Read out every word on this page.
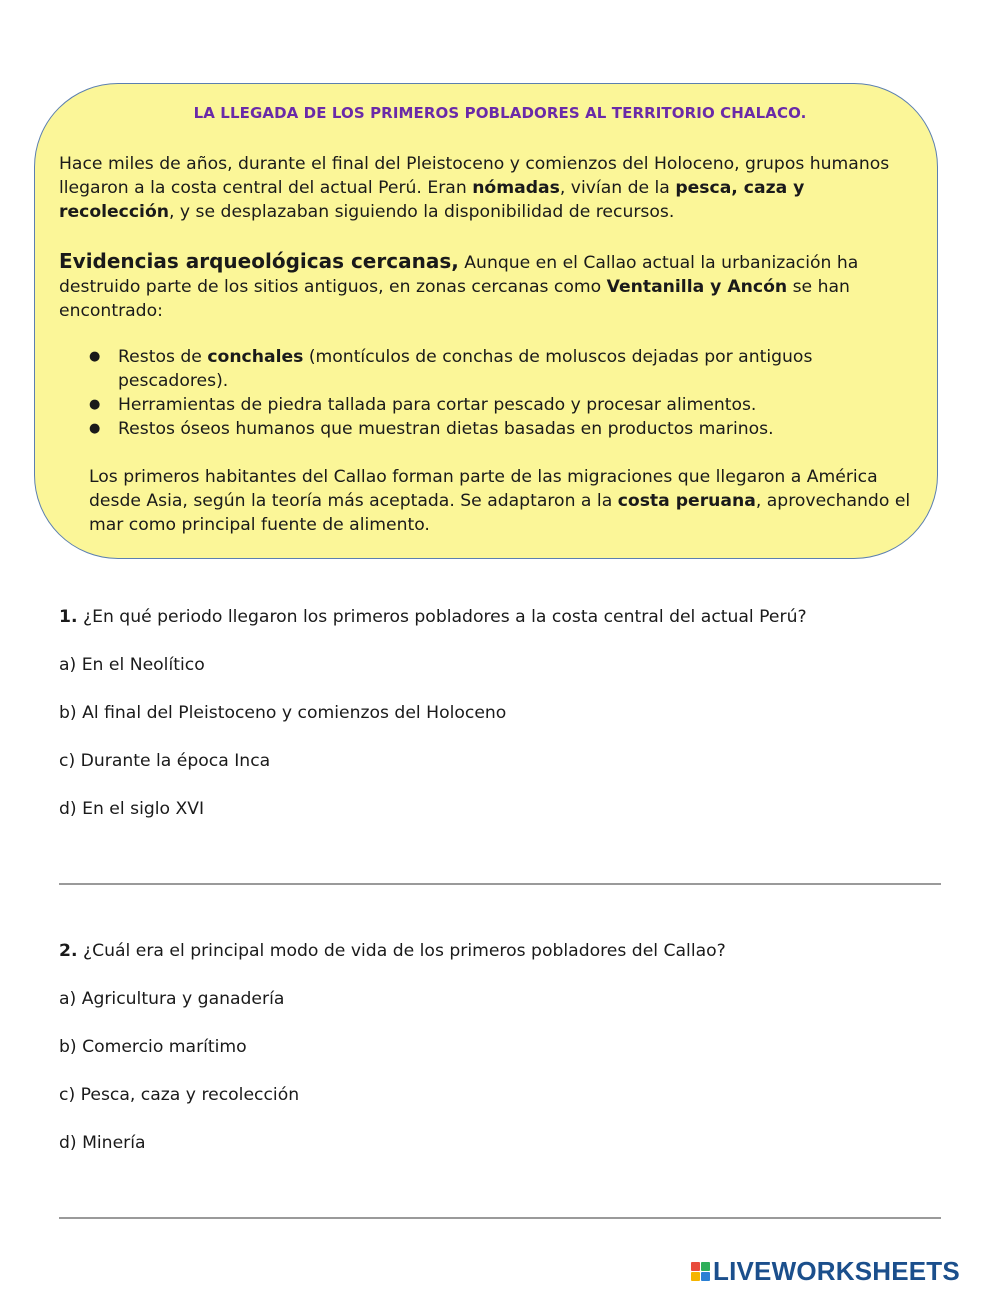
LA LLEGADA DE LOS PRIMEROS POBLADORES AL TERRITORIO CHALACO.

Hace miles de años, durante el final del Pleistoceno y comienzos del Holoceno, grupos humanos llegaron a la costa central del actual Perú. Eran nómadas, vivían de la pesca, caza y recolección, y se desplazaban siguiendo la disponibilidad de recursos.

Evidencias arqueológicas cercanas, Aunque en el Callao actual la urbanización ha destruido parte de los sitios antiguos, en zonas cercanas como Ventanilla y Ancón se han encontrado:

● Restos de conchales (montículos de conchas de moluscos dejadas por antiguos pescadores).
● Herramientas de piedra tallada para cortar pescado y procesar alimentos.
● Restos óseos humanos que muestran dietas basadas en productos marinos.

Los primeros habitantes del Callao forman parte de las migraciones que llegaron a América desde Asia, según la teoría más aceptada. Se adaptaron a la costa peruana, aprovechando el mar como principal fuente de alimento.

1. ¿En qué periodo llegaron los primeros pobladores a la costa central del actual Perú?
a) En el Neolítico
b) Al final del Pleistoceno y comienzos del Holoceno
c) Durante la época Inca
d) En el siglo XVI
2. ¿Cuál era el principal modo de vida de los primeros pobladores del Callao?
a) Agricultura y ganadería
b) Comercio marítimo
c) Pesca, caza y recolección
d) Minería
LIVEWORKSHEETS
